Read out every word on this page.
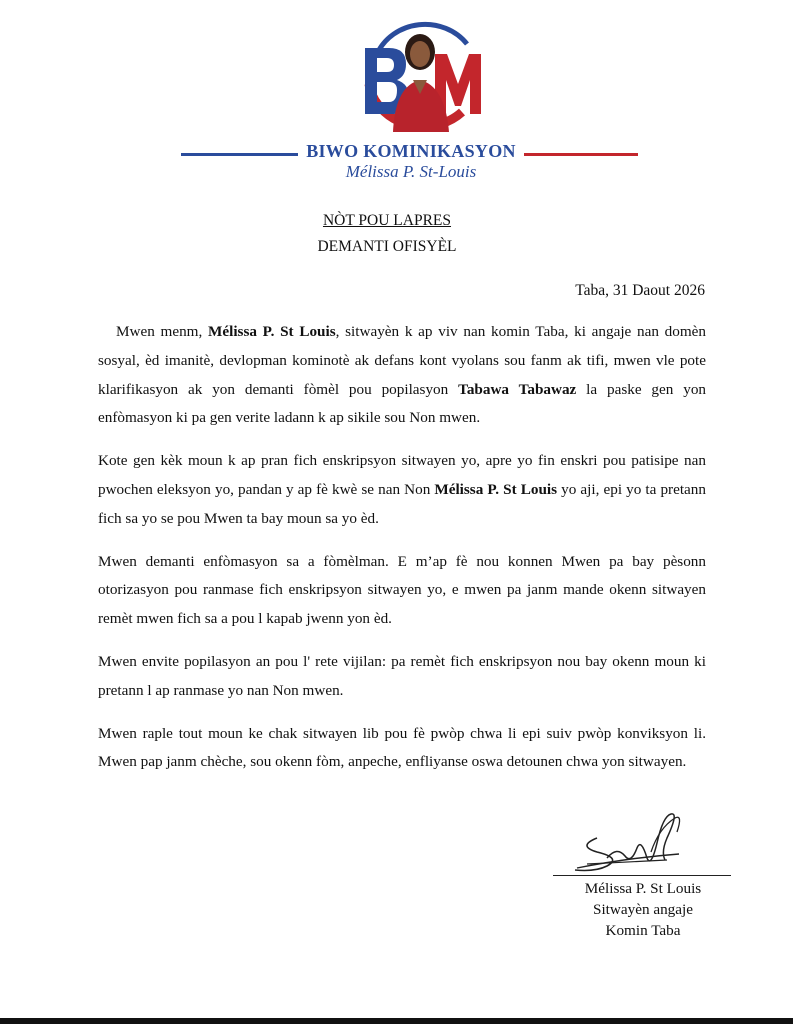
BIWO KOMINIKASYON
Mélissa P. St-Louis
NÒT POU LAPRES
DEMANTI OFISYÈL
Taba, 31 Daout 2026

Mwen menm, Mélissa P. St Louis, sitwayèn k ap viv nan komin Taba, ki angaje nan domèn sosyal, èd imanitè, devlopman kominotè ak defans kont vyolans sou fanm ak tifi, mwen vle pote klarifikasyon ak yon demanti fòmèl pou popilasyon Tabawa Tabawaz la paske gen yon enfòmasyon ki pa gen verite ladann k ap sikile sou Non mwen.

Kote gen kèk moun k ap pran fich enskripsyon sitwayen yo, apre yo fin enskri pou patisipe nan pwochen eleksyon yo, pandan y ap fè kwè se nan Non Mélissa P. St Louis yo aji, epi yo ta pretann fich sa yo se pou Mwen ta bay moun sa yo èd.

Mwen demanti enfòmasyon sa a fòmèlman. E m’ap fè nou konnen Mwen pa bay pèsonn otorizasyon pou ranmase fich enskripsyon sitwayen yo, e mwen pa janm mande okenn sitwayen remèt mwen fich sa a pou l kapab jwenn yon èd.

Mwen envite popilasyon an pou l' rete vijilan: pa remèt fich enskripsyon nou bay okenn moun ki pretann l ap ranmase yo nan Non mwen.

Mwen raple tout moun ke chak sitwayen lib pou fè pwòp chwa li epi suiv pwòp konviksyon li. Mwen pap janm chèche, sou okenn fòm, anpeche, enfliyanse oswa detounen chwa yon sitwayen.

Mélissa P. St Louis
Sitwayèn angaje
Komin Taba
